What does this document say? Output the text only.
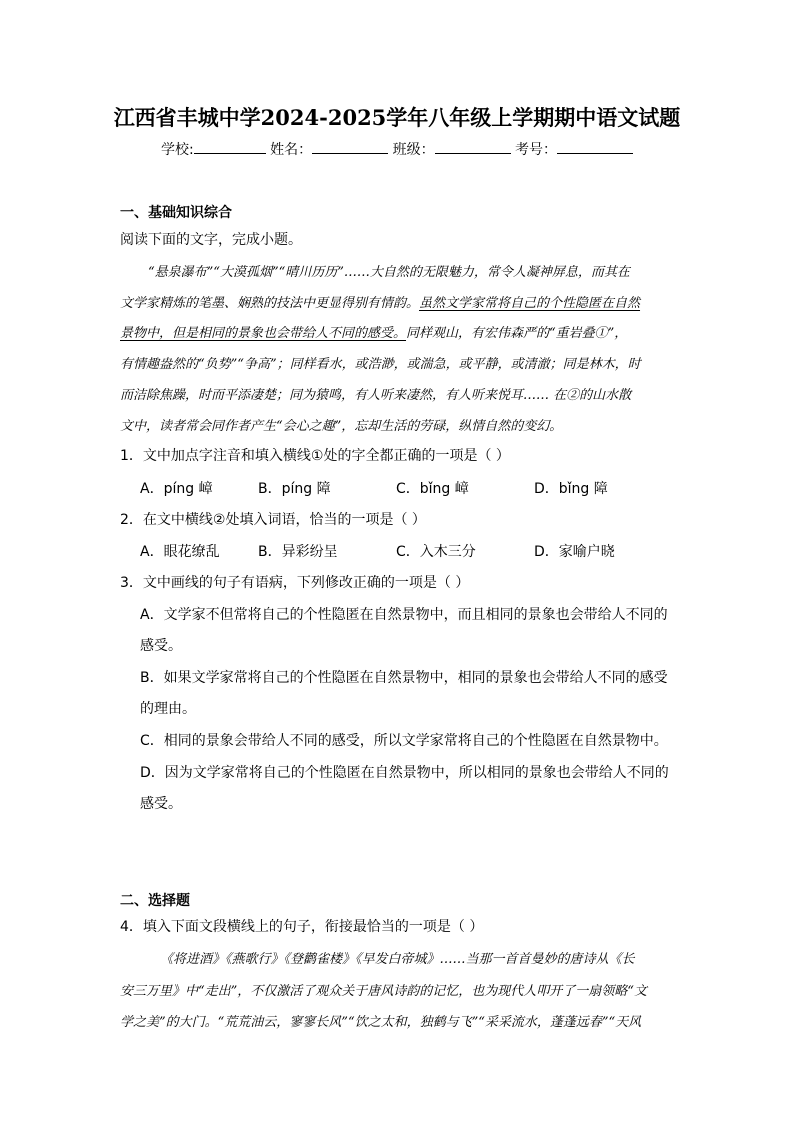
江西省丰城中学2024-2025学年八年级上学期期中语文试题
学校:	姓名：	班级：	考号：
一、基础知识综合
阅读下面的文字，完成小题。
“悬泉瀑布”“大漠孤烟”“晴川历历”……大自然的无限魅力，常令人凝神屏息，而其在
文学家精炼的笔墨、娴熟的技法中更显得别有情韵。虽然文学家常将自己的个性隐匿在自然
景物中，但是相同的景象也会带给人不同的感受。同样观山，有宏伟森严的“重岩叠①”，
有情趣盎然的“负势”“争高”；同样看水，或浩渺，或湍急，或平静，或清澈；同是林木，时
而洁除焦躁，时而平添凄楚；同为猿鸣，有人听来凄然，有人听来悦耳…… 在②的山水散
文中，读者常会同作者产生“会心之趣”，忘却生活的劳碌，纵情自然的变幻。
1．文中加点字注音和填入横线①处的字全都正确的一项是（ ）
A．píng 嶂	B．píng 障	C．bǐng 嶂	D．bǐng 障
2．在文中横线②处填入词语，恰当的一项是（ ）
A．眼花缭乱	B．异彩纷呈	C．入木三分	D．家喻户晓
3．文中画线的句子有语病，下列修改正确的一项是（ ）
A．文学家不但常将自己的个性隐匿在自然景物中，而且相同的景象也会带给人不同的
感受。
B．如果文学家常将自己的个性隐匿在自然景物中，相同的景象也会带给人不同的感受
的理由。
C．相同的景象会带给人不同的感受，所以文学家常将自己的个性隐匿在自然景物中。
D．因为文学家常将自己的个性隐匿在自然景物中，所以相同的景象也会带给人不同的
感受。
二、选择题
4．填入下面文段横线上的句子，衔接最恰当的一项是（ ）
《将进酒》《燕歌行》《登鹳雀楼》《早发白帝城》……当那一首首曼妙的唐诗从《长
安三万里》中“走出”，不仅激活了观众关于唐风诗韵的记忆，也为现代人叩开了一扇领略“文
学之美”的大门。“荒荒油云，寥寥长风”“饮之太和，独鹤与飞”“采采流水，蓬蓬远春”“天风
